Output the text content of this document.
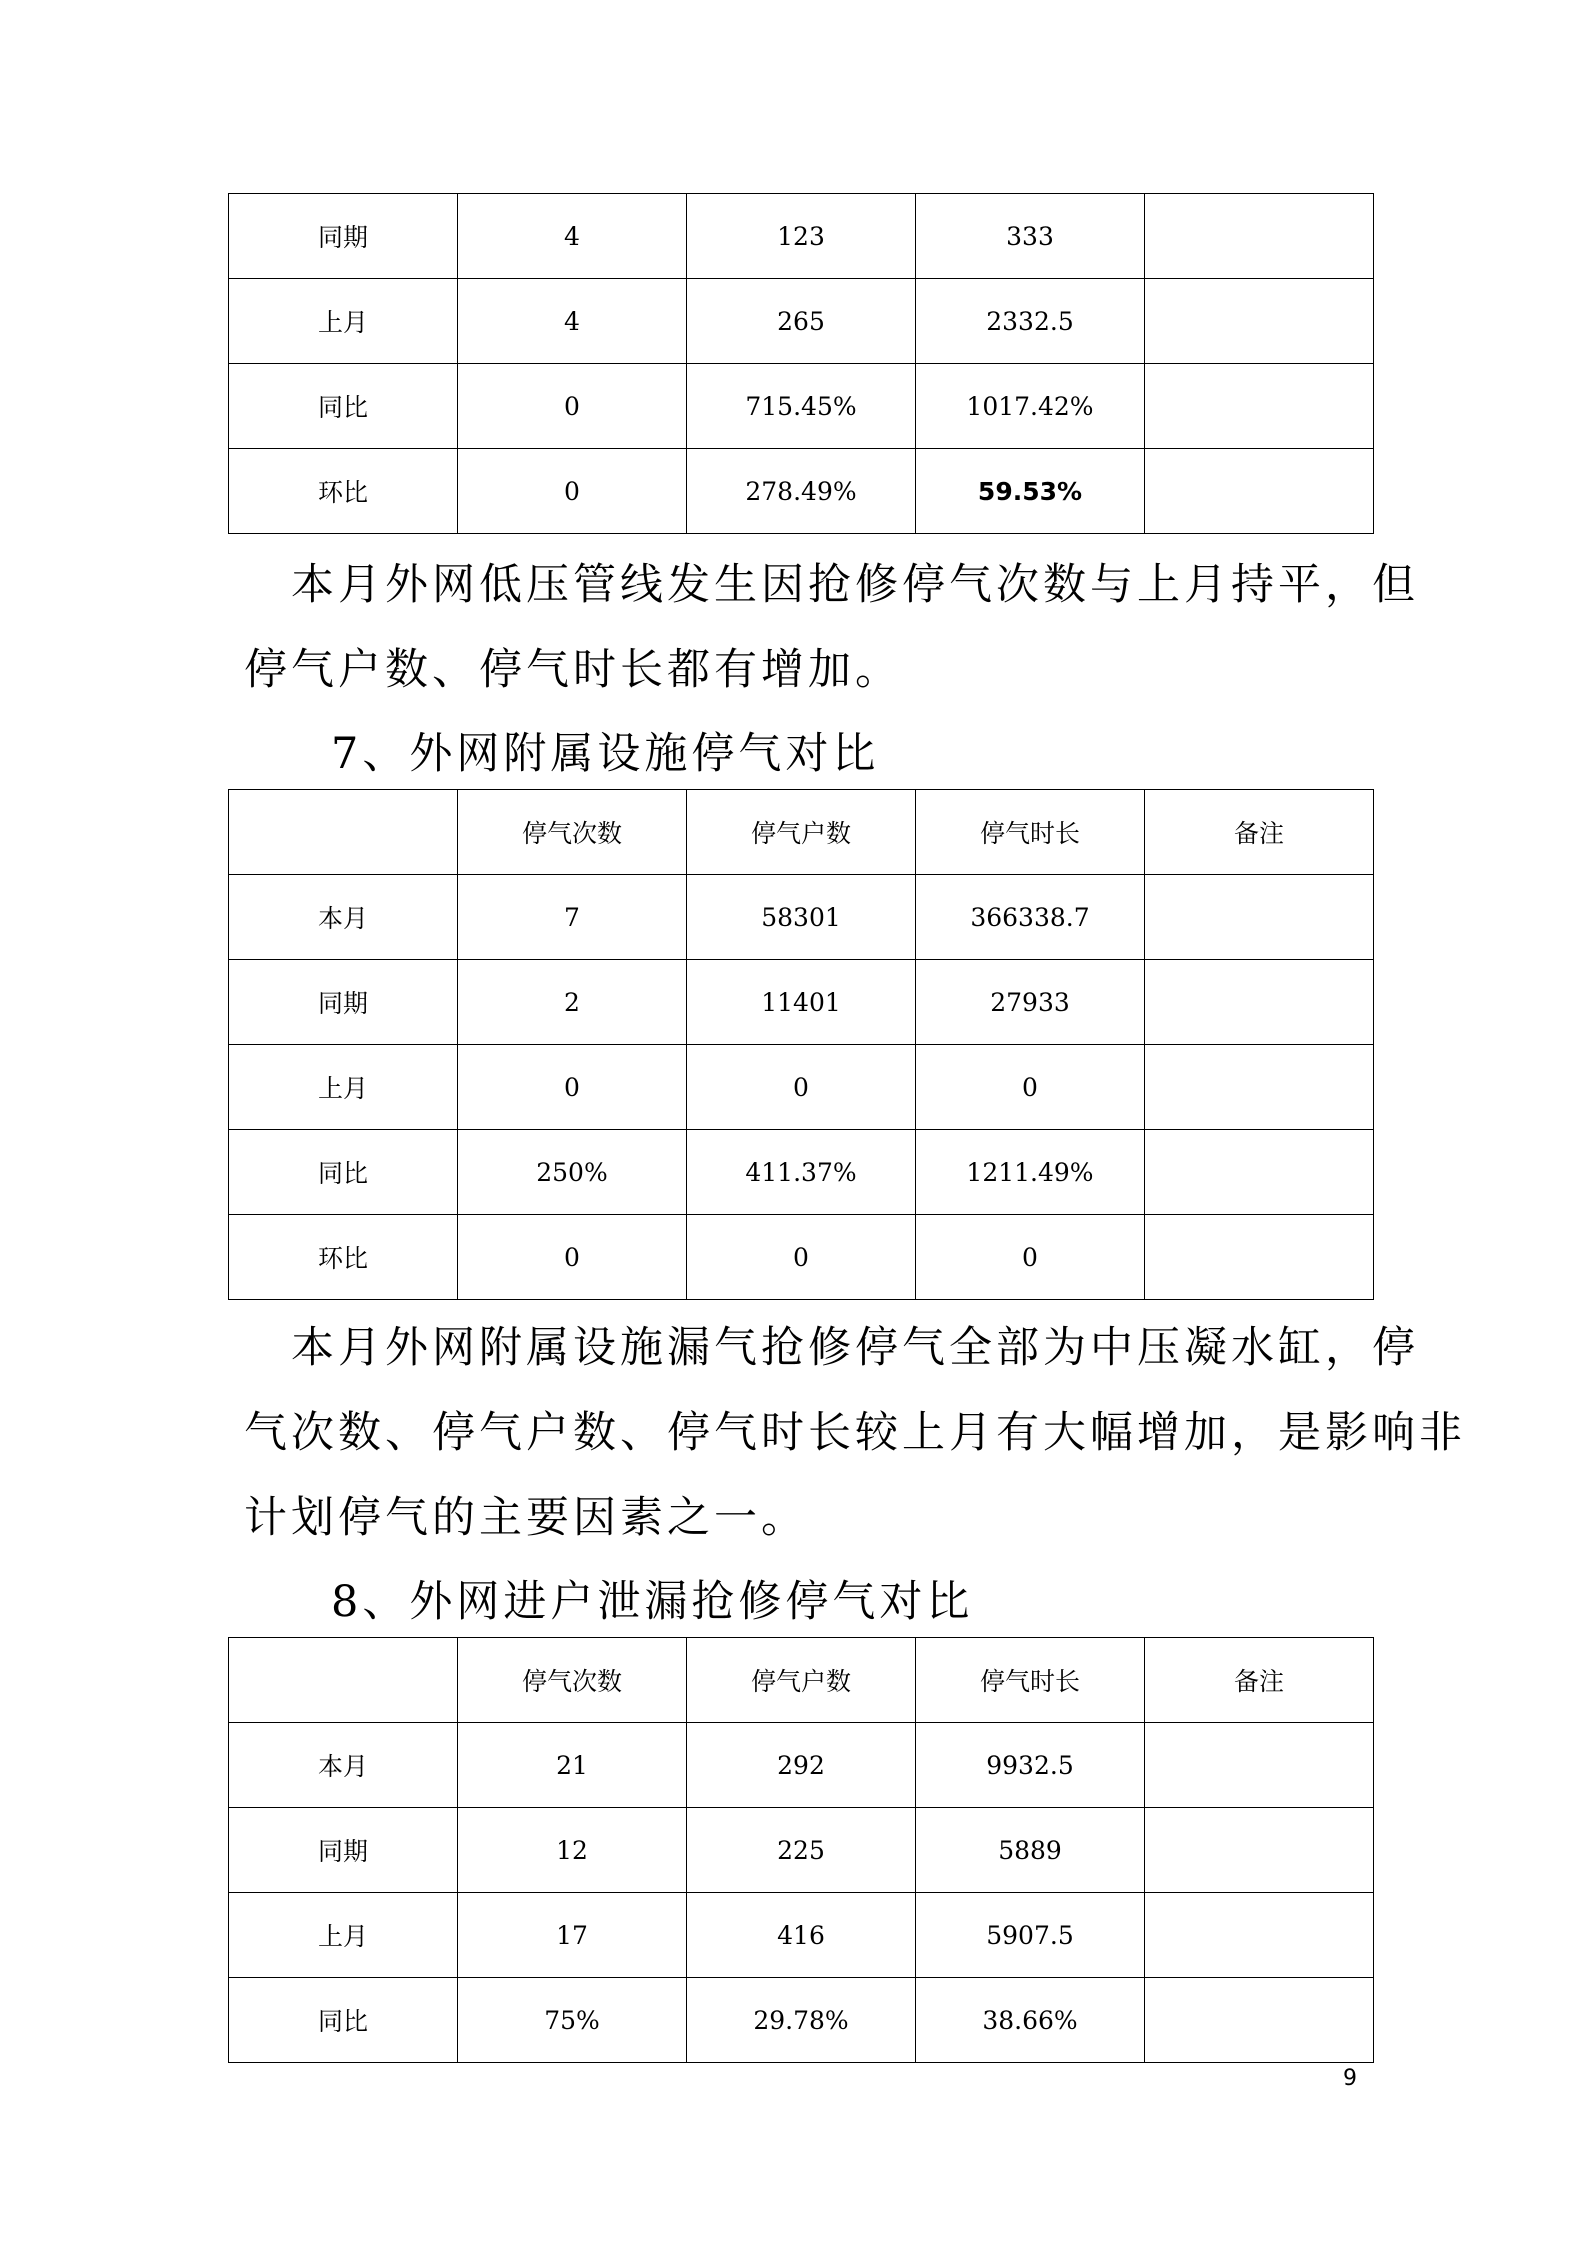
同期	4	123	333	
上月	4	265	2332.5	
同比	0	715.45%	1017.42%	
环比	0	278.49%	59.53%	
　本月外网低压管线发生因抢修停气次数与上月持平，但
停气户数、停气时长都有增加。
7、外网附属设施停气对比
	停气次数	停气户数	停气时长	备注
本月	7	58301	366338.7	
同期	2	11401	27933	
上月	0	0	0	
同比	250%	411.37%	1211.49%	
环比	0	0	0	
　本月外网附属设施漏气抢修停气全部为中压凝水缸，停
气次数、停气户数、停气时长较上月有大幅增加，是影响非
计划停气的主要因素之一。
8、外网进户泄漏抢修停气对比
	停气次数	停气户数	停气时长	备注
本月	21	292	9932.5	
同期	12	225	5889	
上月	17	416	5907.5	
同比	75%	29.78%	38.66%	
9
